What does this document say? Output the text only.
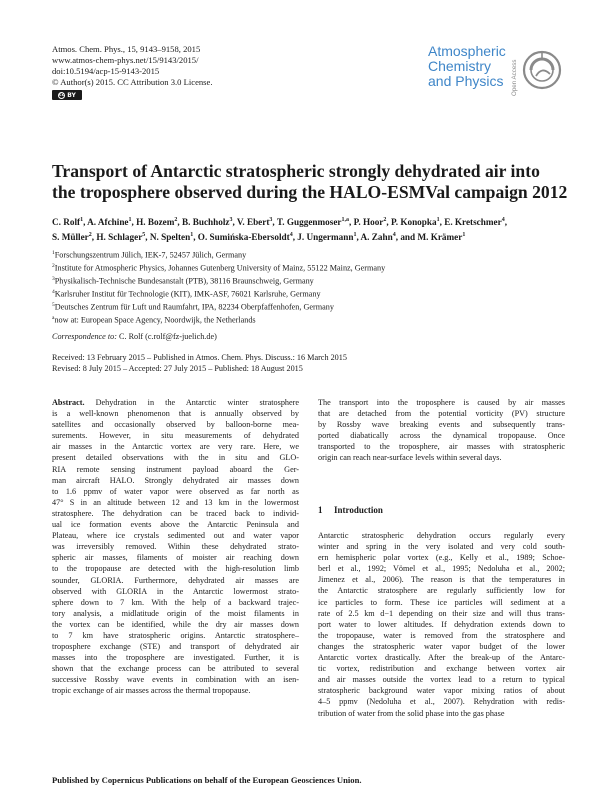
Atmos. Chem. Phys., 15, 9143–9158, 2015
www.atmos-chem-phys.net/15/9143/2015/
doi:10.5194/acp-15-9143-2015
© Author(s) 2015. CC Attribution 3.0 License.
cc BY
Atmospheric
Chemistry
and Physics	Open Access
Transport of Antarctic stratospheric strongly dehydrated air into
the troposphere observed during the HALO-ESMVal campaign 2012
C. Rolf$^1$, A. Afchine$^1$, H. Bozem$^2$, B. Buchholz$^3$, V. Ebert$^3$, T. Guggenmoser$^{1,a}$, P. Hoor$^2$, P. Konopka$^1$, E. Kretschmer$^4$,
S. Müller$^2$, H. Schlager$^5$, N. Spelten$^1$, O. Sumińska-Ebersoldt$^4$, J. Ungermann$^1$, A. Zahn$^4$, and M. Krämer$^1$
$^1$Forschungszentrum Jülich, IEK-7, 52457 Jülich, Germany
$^2$Institute for Atmospheric Physics, Johannes Gutenberg University of Mainz, 55122 Mainz, Germany
$^3$Physikalisch-Technische Bundesanstalt (PTB), 38116 Braunschweig, Germany
$^4$Karlsruher Institut für Technologie (KIT), IMK-ASF, 76021 Karlsruhe, Germany
$^5$Deutsches Zentrum für Luft und Raumfahrt, IPA, 82234 Oberpfaffenhofen, Germany
$^a$now at: European Space Agency, Noordwijk, the Netherlands
Correspondence to: C. Rolf (c.rolf@fz-juelich.de)
Received: 13 February 2015 – Published in Atmos. Chem. Phys. Discuss.: 16 March 2015
Revised: 8 July 2015 – Accepted: 27 July 2015 – Published: 18 August 2015
Abstract. Dehydration in the Antarctic winter stratosphere
is a well-known phenomenon that is annually observed by
satellites and occasionally observed by balloon-borne mea-
surements. However, in situ measurements of dehydrated
air masses in the Antarctic vortex are very rare. Here, we
present detailed observations with the in situ and GLO-
RIA remote sensing instrument payload aboard the Ger-
man aircraft HALO. Strongly dehydrated air masses down
to 1.6 ppmv of water vapor were observed as far north as
47° S in an altitude between 12 and 13 km in the lowermost
stratosphere. The dehydration can be traced back to individ-
ual ice formation events above the Antarctic Peninsula and
Plateau, where ice crystals sedimented out and water vapor
was irreversibly removed. Within these dehydrated strato-
spheric air masses, filaments of moister air reaching down
to the tropopause are detected with the high-resolution limb
sounder, GLORIA. Furthermore, dehydrated air masses are
observed with GLORIA in the Antarctic lowermost strato-
sphere down to 7 km. With the help of a backward trajec-
tory analysis, a midlatitude origin of the moist filaments in
the vortex can be identified, while the dry air masses down
to 7 km have stratospheric origins. Antarctic stratosphere–
troposphere exchange (STE) and transport of dehydrated air
masses into the troposphere are investigated. Further, it is
shown that the exchange process can be attributed to several
successive Rossby wave events in combination with an isen-
tropic exchange of air masses across the thermal tropopause.
The transport into the troposphere is caused by air masses
that are detached from the potential vorticity (PV) structure
by Rossby wave breaking events and subsequently trans-
ported diabatically across the dynamical tropopause. Once
transported to the troposphere, air masses with stratospheric
origin can reach near-surface levels within several days.
1 Introduction
Antarctic stratospheric dehydration occurs regularly every
winter and spring in the very isolated and very cold south-
ern hemispheric polar vortex (e.g., Kelly et al., 1989; Schoe-
berl et al., 1992; Vömel et al., 1995; Nedoluha et al., 2002;
Jimenez et al., 2006). The reason is that the temperatures in
the Antarctic stratosphere are regularly sufficiently low for
ice particles to form. These ice particles will sediment at a
rate of 2.5 km d−1 depending on their size and will thus trans-
port water to lower altitudes. If dehydration extends down to
the tropopause, water is removed from the stratosphere and
changes the stratospheric water vapor budget of the lower
Antarctic vortex drastically. After the break-up of the Antarc-
tic vortex, redistribution and exchange between vortex air
and air masses outside the vortex lead to a return to typical
stratospheric background water vapor mixing ratios of about
4–5 ppmv (Nedoluha et al., 2007). Rehydration with redis-
tribution of water from the solid phase into the gas phase
Published by Copernicus Publications on behalf of the European Geosciences Union.
